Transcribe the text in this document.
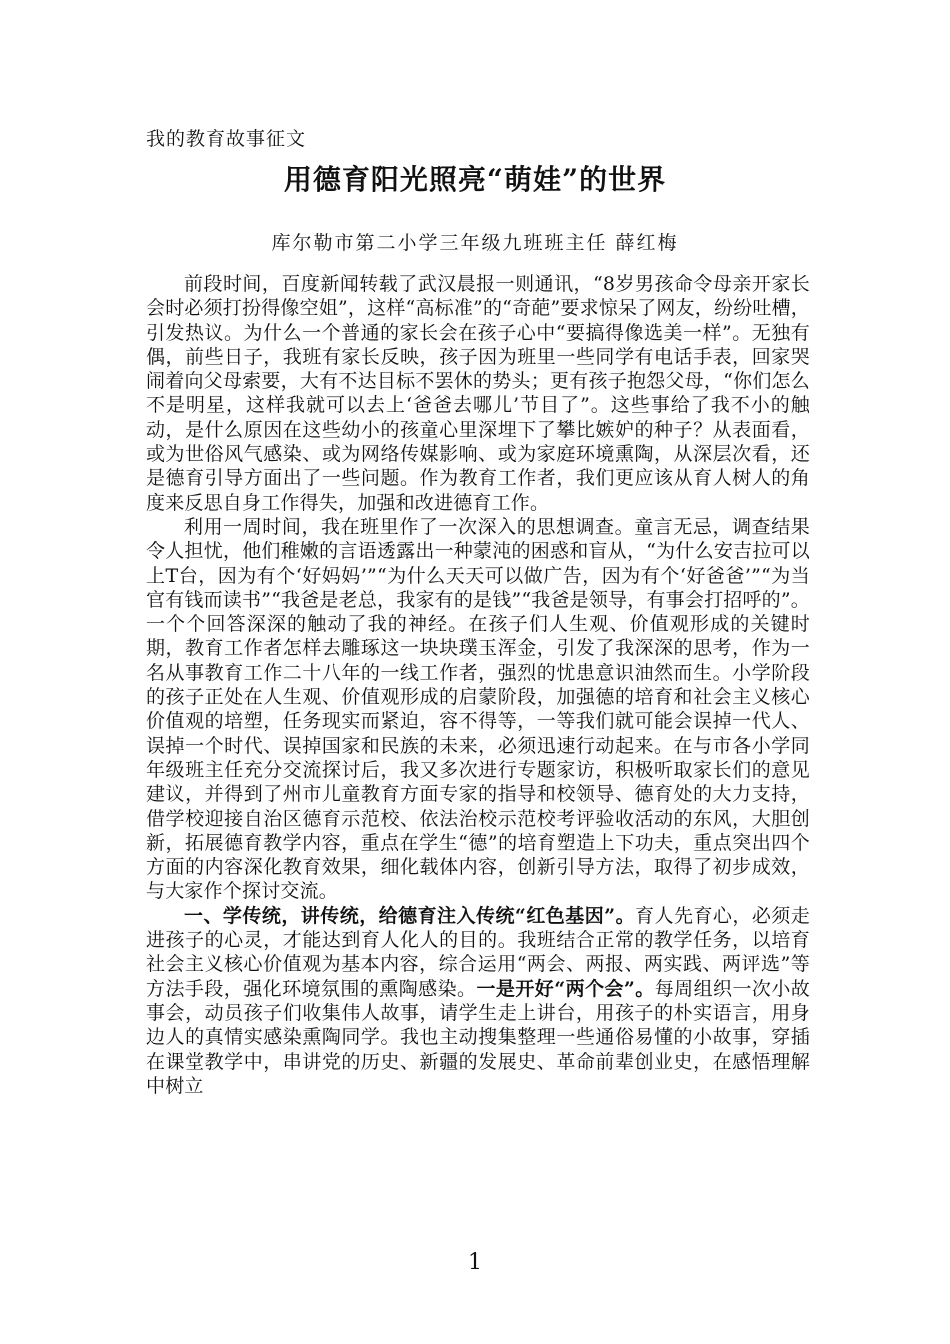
我的教育故事征文

用德育阳光照亮“萌娃”的世界

库尔勒市第二小学三年级九班班主任 薛红梅

前段时间，百度新闻转载了武汉晨报一则通讯，“8岁男孩命令母亲开家长会时必须打扮得像空姐”，这样“高标准”的“奇葩”要求惊呆了网友，纷纷吐槽，引发热议。为什么一个普通的家长会在孩子心中“要搞得像选美一样”。无独有偶，前些日子，我班有家长反映，孩子因为班里一些同学有电话手表，回家哭闹着向父母索要，大有不达目标不罢休的势头；更有孩子抱怨父母，“你们怎么不是明星，这样我就可以去上‘爸爸去哪儿’节目了”。这些事给了我不小的触动，是什么原因在这些幼小的孩童心里深埋下了攀比嫉妒的种子？从表面看，或为世俗风气感染、或为网络传媒影响、或为家庭环境熏陶，从深层次看，还是德育引导方面出了一些问题。作为教育工作者，我们更应该从育人树人的角度来反思自身工作得失，加强和改进德育工作。

利用一周时间，我在班里作了一次深入的思想调查。童言无忌，调查结果令人担忧，他们稚嫩的言语透露出一种蒙沌的困惑和盲从，“为什么安吉拉可以上T台，因为有个‘好妈妈’”“为什么天天可以做广告，因为有个‘好爸爸’”“为当官有钱而读书”“我爸是老总，我家有的是钱”“我爸是领导，有事会打招呼的”。一个个回答深深的触动了我的神经。在孩子们人生观、价值观形成的关键时期，教育工作者怎样去雕琢这一块块璞玉浑金，引发了我深深的思考，作为一名从事教育工作二十八年的一线工作者，强烈的忧患意识油然而生。小学阶段的孩子正处在人生观、价值观形成的启蒙阶段，加强德的培育和社会主义核心价值观的培塑，任务现实而紧迫，容不得等，一等我们就可能会误掉一代人、误掉一个时代、误掉国家和民族的未来，必须迅速行动起来。在与市各小学同年级班主任充分交流探讨后，我又多次进行专题家访，积极听取家长们的意见建议，并得到了州市儿童教育方面专家的指导和校领导、德育处的大力支持，借学校迎接自治区德育示范校、依法治校示范校考评验收活动的东风，大胆创新，拓展德育教学内容，重点在学生“德”的培育塑造上下功夫，重点突出四个方面的内容深化教育效果，细化载体内容，创新引导方法，取得了初步成效，与大家作个探讨交流。

一、学传统，讲传统，给德育注入传统“红色基因”。育人先育心，必须走进孩子的心灵，才能达到育人化人的目的。我班结合正常的教学任务，以培育社会主义核心价值观为基本内容，综合运用“两会、两报、两实践、两评选”等方法手段，强化环境氛围的熏陶感染。一是开好“两个会”。每周组织一次小故事会，动员孩子们收集伟人故事，请学生走上讲台，用孩子的朴实语言，用身边人的真情实感染熏陶同学。我也主动搜集整理一些通俗易懂的小故事，穿插在课堂教学中，串讲党的历史、新疆的发展史、革命前辈创业史，在感悟理解中树立

1
